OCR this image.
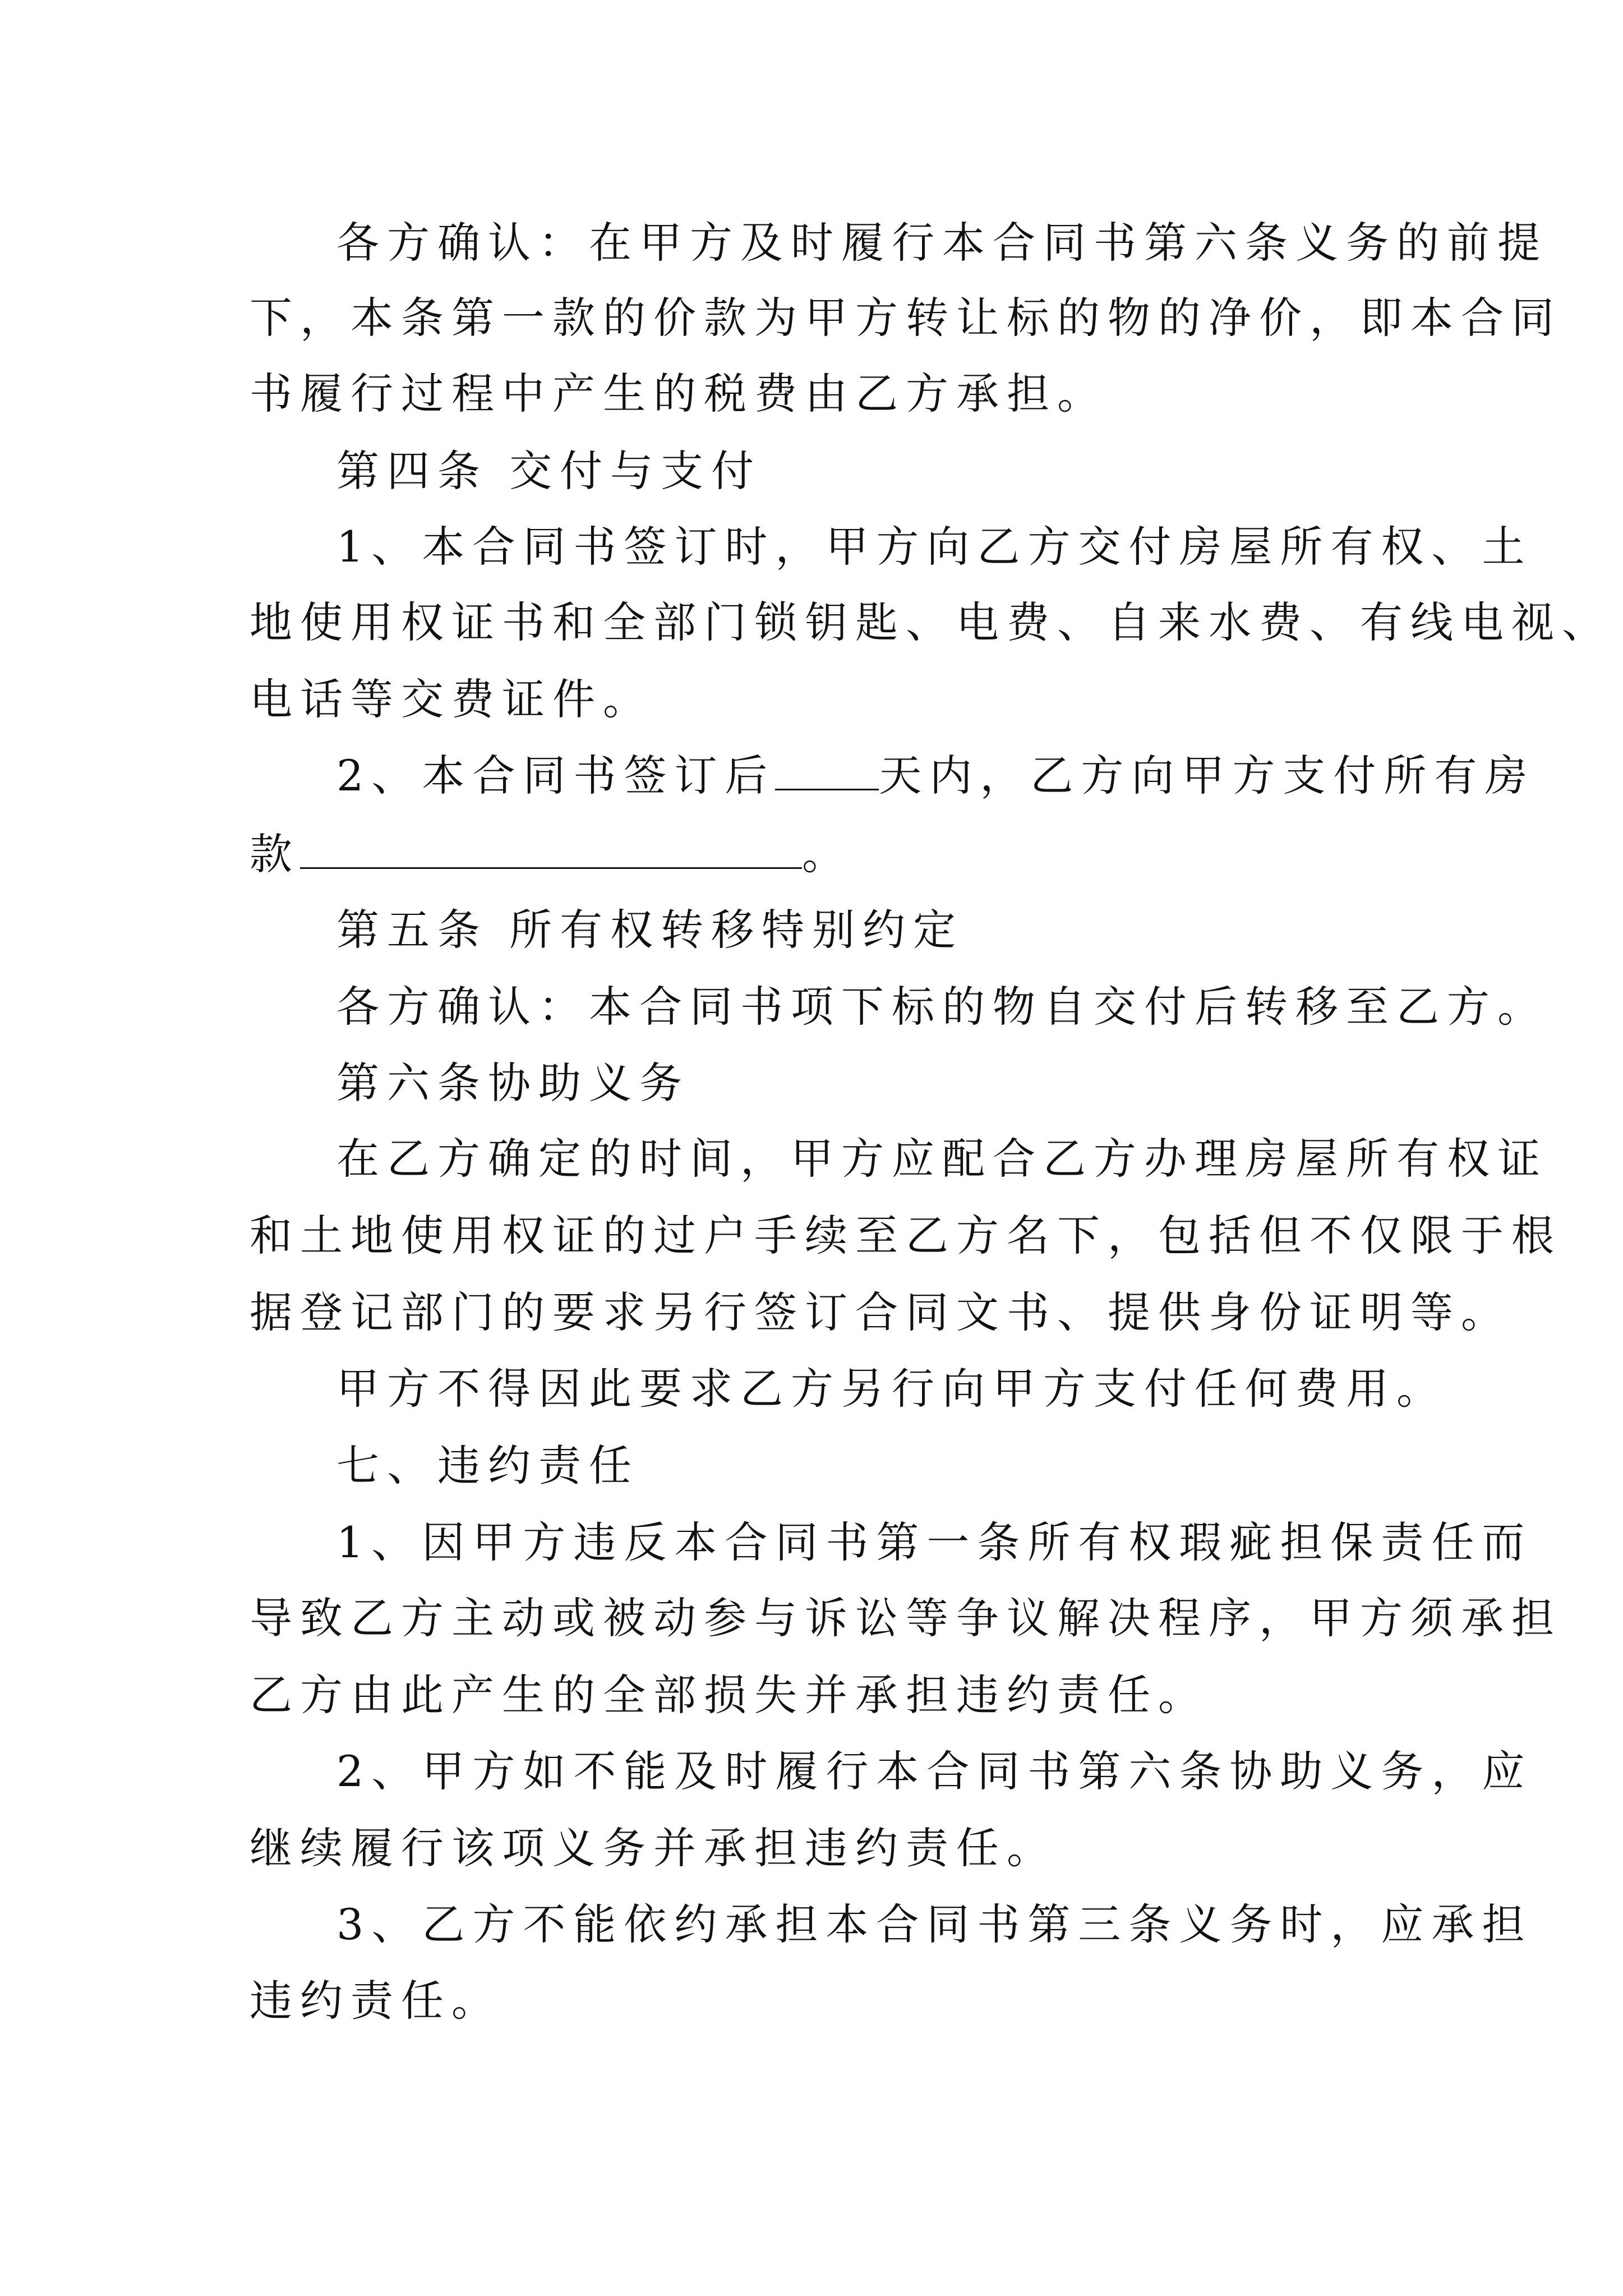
各方确认：在甲方及时履行本合同书第六条义务的前提
下，本条第一款的价款为甲方转让标的物的净价，即本合同
书履行过程中产生的税费由乙方承担。
第四条 交付与支付
1、本合同书签订时，甲方向乙方交付房屋所有权、土
地使用权证书和全部门锁钥匙、电费、自来水费、有线电视、
电话等交费证件。
2、本合同书签订后 天内，乙方向甲方支付所有房
款	。
第五条 所有权转移特别约定
各方确认：本合同书项下标的物自交付后转移至乙方。
第六条协助义务
在乙方确定的时间，甲方应配合乙方办理房屋所有权证
和土地使用权证的过户手续至乙方名下，包括但不仅限于根
据登记部门的要求另行签订合同文书、提供身份证明等。
甲方不得因此要求乙方另行向甲方支付任何费用。
七、违约责任
1、因甲方违反本合同书第一条所有权瑕疵担保责任而
导致乙方主动或被动参与诉讼等争议解决程序，甲方须承担
乙方由此产生的全部损失并承担违约责任。
2、甲方如不能及时履行本合同书第六条协助义务，应
继续履行该项义务并承担违约责任。
3、乙方不能依约承担本合同书第三条义务时，应承担
违约责任。
